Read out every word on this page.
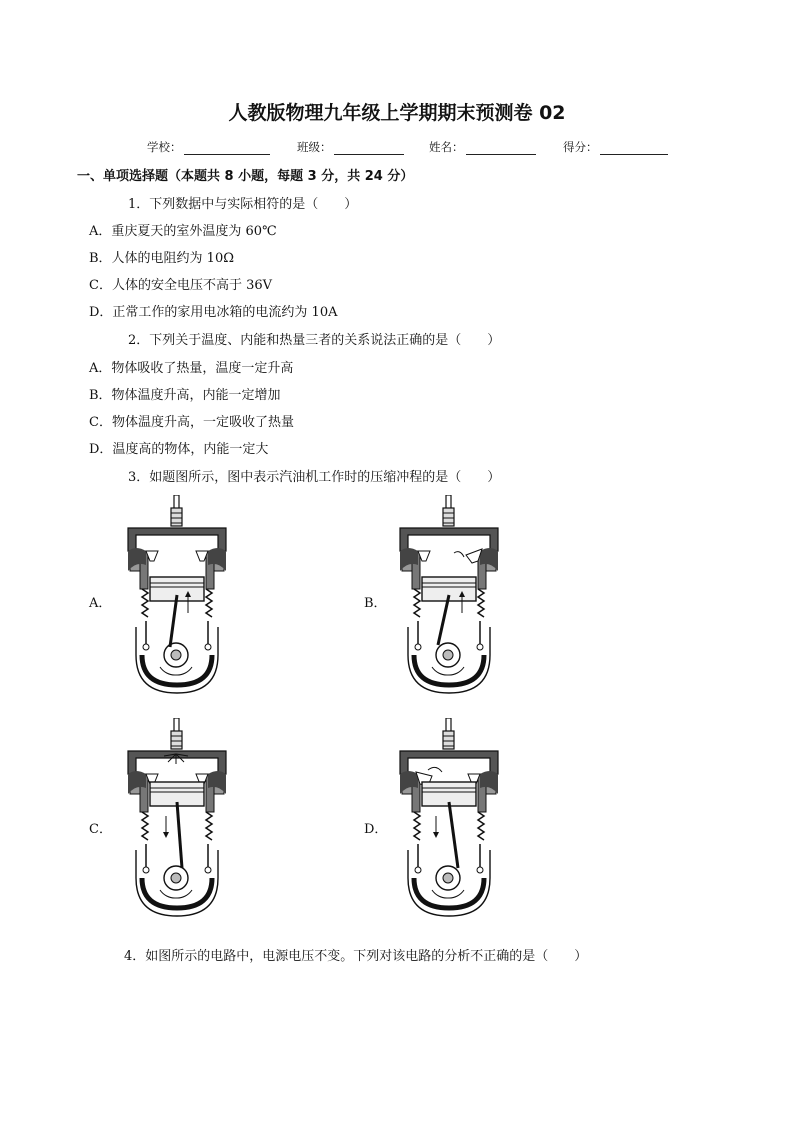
人教版物理九年级上学期期末预测卷 02
学校：	班级：	姓名：	得分：
一、单项选择题（本题共 8 小题，每题 3 分，共 24 分）
1．下列数据中与实际相符的是（　　）
A．重庆夏天的室外温度为 60℃
B．人体的电阻约为 10Ω
C．人体的安全电压不高于 36V
D．正常工作的家用电冰箱的电流约为 10A
2．下列关于温度、内能和热量三者的关系说法正确的是（　　）
A．物体吸收了热量，温度一定升高
B．物体温度升高，内能一定增加
C．物体温度升高，一定吸收了热量
D．温度高的物体，内能一定大
3．如题图所示，图中表示汽油机工作时的压缩冲程的是（　　）
A．	B．
C．	D．
4．如图所示的电路中，电源电压不变。下列对该电路的分析不正确的是（　　）
